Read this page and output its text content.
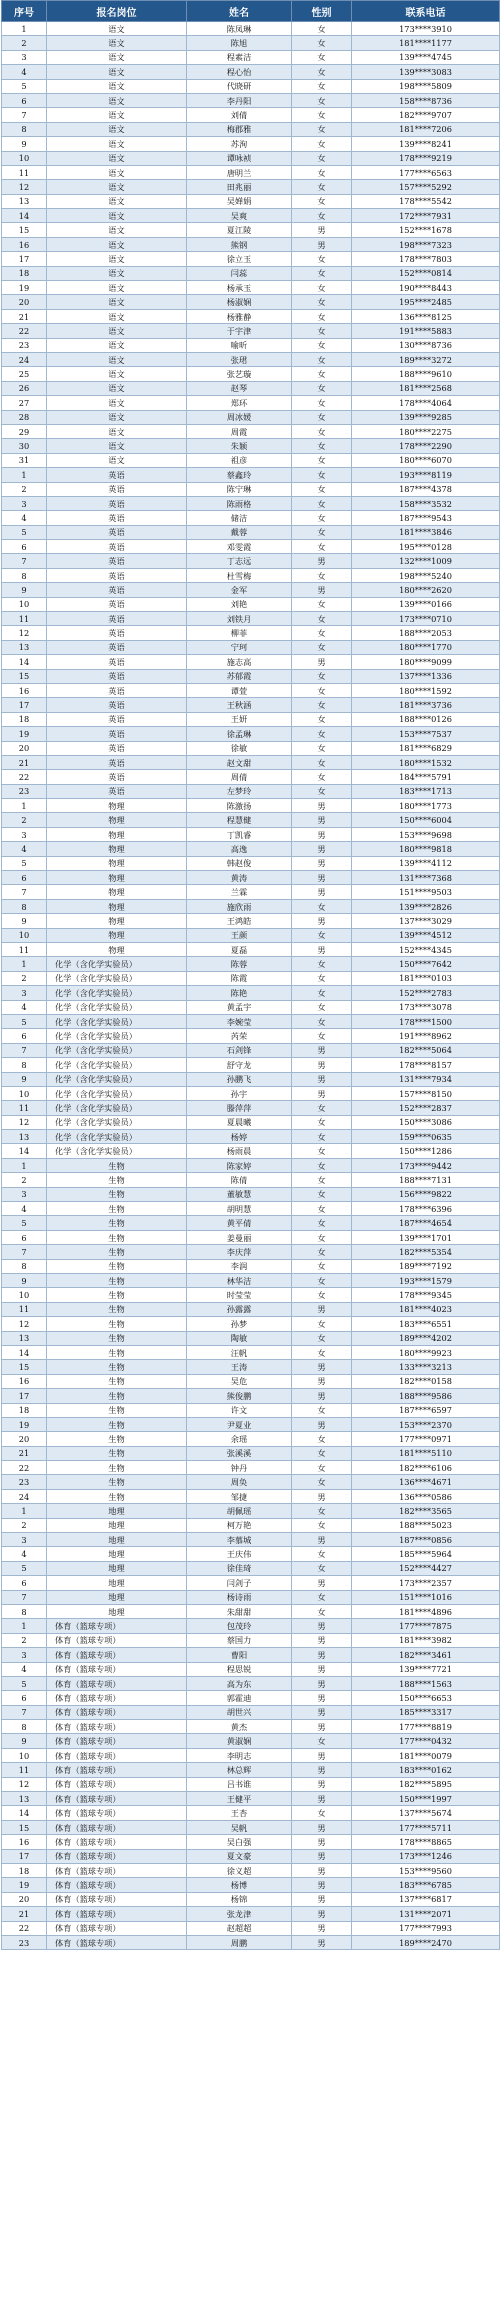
序号	报名岗位	姓名	性别	联系电话
1	语文	陈凤琳	女	173****3910
2	语文	陈旭	女	181****1177
3	语文	程素洁	女	139****4745
4	语文	程心怡	女	139****3083
5	语文	代晓研	女	198****5809
6	语文	李丹阳	女	158****8736
7	语文	刘倩	女	182****9707
8	语文	梅郡雅	女	181****7206
9	语文	苏洵	女	139****8241
10	语文	谭咏祯	女	178****9219
11	语文	唐明兰	女	177****6563
12	语文	田兆丽	女	157****5292
13	语文	吴婵娟	女	178****5542
14	语文	吴爽	女	172****7931
15	语文	夏江陵	男	152****1678
16	语文	熊钢	男	198****7323
17	语文	徐立玉	女	178****7803
18	语文	闫蕊	女	152****0814
19	语文	杨承玉	女	190****8443
20	语文	杨淑娴	女	195****2485
21	语文	杨雅静	女	136****8125
22	语文	于宇津	女	191****5883
23	语文	喻昕	女	130****8736
24	语文	张珺	女	189****3272
25	语文	张艺璇	女	188****9610
26	语文	赵琴	女	181****2568
27	语文	郑环	女	178****4064
28	语文	周冰媛	女	139****9285
29	语文	周霞	女	180****2275
30	语文	朱颖	女	178****2290
31	语文	祖彦	女	180****6070
1	英语	蔡鑫玲	女	193****8119
2	英语	陈宁琳	女	187****4378
3	英语	陈雨格	女	158****3532
4	英语	储洁	女	187****9543
5	英语	戴蓉	女	181****3846
6	英语	邓雯霞	女	195****0128
7	英语	丁志远	男	132****1009
8	英语	杜雪梅	女	198****5240
9	英语	金军	男	180****2620
10	英语	刘艳	女	139****0166
11	英语	刘铁月	女	173****0710
12	英语	柳菲	女	188****2053
13	英语	宁珂	女	180****1770
14	英语	施志高	男	180****9099
15	英语	苏郁霞	女	137****1336
16	英语	谭萱	女	180****1592
17	英语	王秋涵	女	181****3736
18	英语	王妍	女	188****0126
19	英语	徐孟琳	女	153****7537
20	英语	徐敏	女	181****6829
21	英语	赵文甜	女	180****1532
22	英语	周倩	女	184****5791
23	英语	左梦玲	女	183****1713
1	物理	陈激扬	男	180****1773
2	物理	程慧健	男	150****6004
3	物理	丁凯睿	男	153****9698
4	物理	高逸	男	180****9818
5	物理	韩赵俊	男	139****4112
6	物理	黄涛	男	131****7368
7	物理	兰霖	男	151****9503
8	物理	施欣雨	女	139****2826
9	物理	王鸿皓	男	137****3029
10	物理	王颜	女	139****4512
11	物理	夏磊	男	152****4345
1	化学（含化学实验员）	陈蓉	女	150****7642
2	化学（含化学实验员）	陈霞	女	181****0103
3	化学（含化学实验员）	陈艳	女	152****2783
4	化学（含化学实验员）	黄孟宇	女	173****3078
5	化学（含化学实验员）	李婉莹	女	178****1500
6	化学（含化学实验员）	芮荣	女	191****8962
7	化学（含化学实验员）	石剑锋	男	182****5064
8	化学（含化学实验员）	舒守龙	男	178****8157
9	化学（含化学实验员）	孙鹏飞	男	131****7934
10	化学（含化学实验员）	孙宇	男	157****8150
11	化学（含化学实验员）	滕萍萍	女	152****2837
12	化学（含化学实验员）	夏晨曦	女	150****3086
13	化学（含化学实验员）	杨婷	女	159****0635
14	化学（含化学实验员）	杨雨晨	女	150****1286
1	生物	陈家婷	女	173****9442
2	生物	陈倩	女	188****7131
3	生物	董敏慧	女	156****9822
4	生物	胡明慧	女	178****6396
5	生物	黄平倩	女	187****4654
6	生物	姜曼丽	女	139****1701
7	生物	李庆萍	女	182****5354
8	生物	李润	女	189****7192
9	生物	林华洁	女	193****1579
10	生物	时莹莹	女	178****9345
11	生物	孙露露	男	181****4023
12	生物	孙梦	女	183****6551
13	生物	陶敏	女	189****4202
14	生物	汪帆	女	180****9923
15	生物	王涛	男	133****3213
16	生物	吴危	男	182****0158
17	生物	熊俊鹏	男	188****9586
18	生物	许文	女	187****6597
19	生物	尹夏业	男	153****2370
20	生物	余瑶	女	177****0971
21	生物	张溪溪	女	181****5110
22	生物	钟丹	女	182****6106
23	生物	周奂	女	136****4671
24	生物	邹捷	男	136****0586
1	地理	胡佩瑶	女	182****3565
2	地理	柯万艳	女	188****5023
3	地理	李慕城	男	187****0856
4	地理	王庆伟	女	185****5964
5	地理	徐佳琦	女	152****4427
6	地理	闫剑子	男	173****2357
7	地理	杨诗雨	女	151****1016
8	地理	朱甜甜	女	181****4896
1	体育（篮球专项）	包茂玲	男	177****7875
2	体育（篮球专项）	蔡国力	男	181****3982
3	体育（篮球专项）	曹阳	男	182****3461
4	体育（篮球专项）	程思锐	男	139****7721
5	体育（篮球专项）	高为东	男	188****1563
6	体育（篮球专项）	郭霍迪	男	150****6653
7	体育（篮球专项）	胡世兴	男	185****3317
8	体育（篮球专项）	黄杰	男	177****8819
9	体育（篮球专项）	黄淑娴	女	177****0432
10	体育（篮球专项）	李明志	男	181****0079
11	体育（篮球专项）	林总辉	男	183****0162
12	体育（篮球专项）	吕书谁	男	182****5895
13	体育（篮球专项）	王健平	男	150****1997
14	体育（篮球专项）	王杏	女	137****5674
15	体育（篮球专项）	吴帆	男	177****5711
16	体育（篮球专项）	吴白强	男	178****8865
17	体育（篮球专项）	夏文豪	男	173****1246
18	体育（篮球专项）	徐义超	男	153****9560
19	体育（篮球专项）	杨博	男	183****6785
20	体育（篮球专项）	杨锦	男	137****6817
21	体育（篮球专项）	张龙津	男	131****2071
22	体育（篮球专项）	赵超超	男	177****7993
23	体育（篮球专项）	周鹏	男	189****2470
